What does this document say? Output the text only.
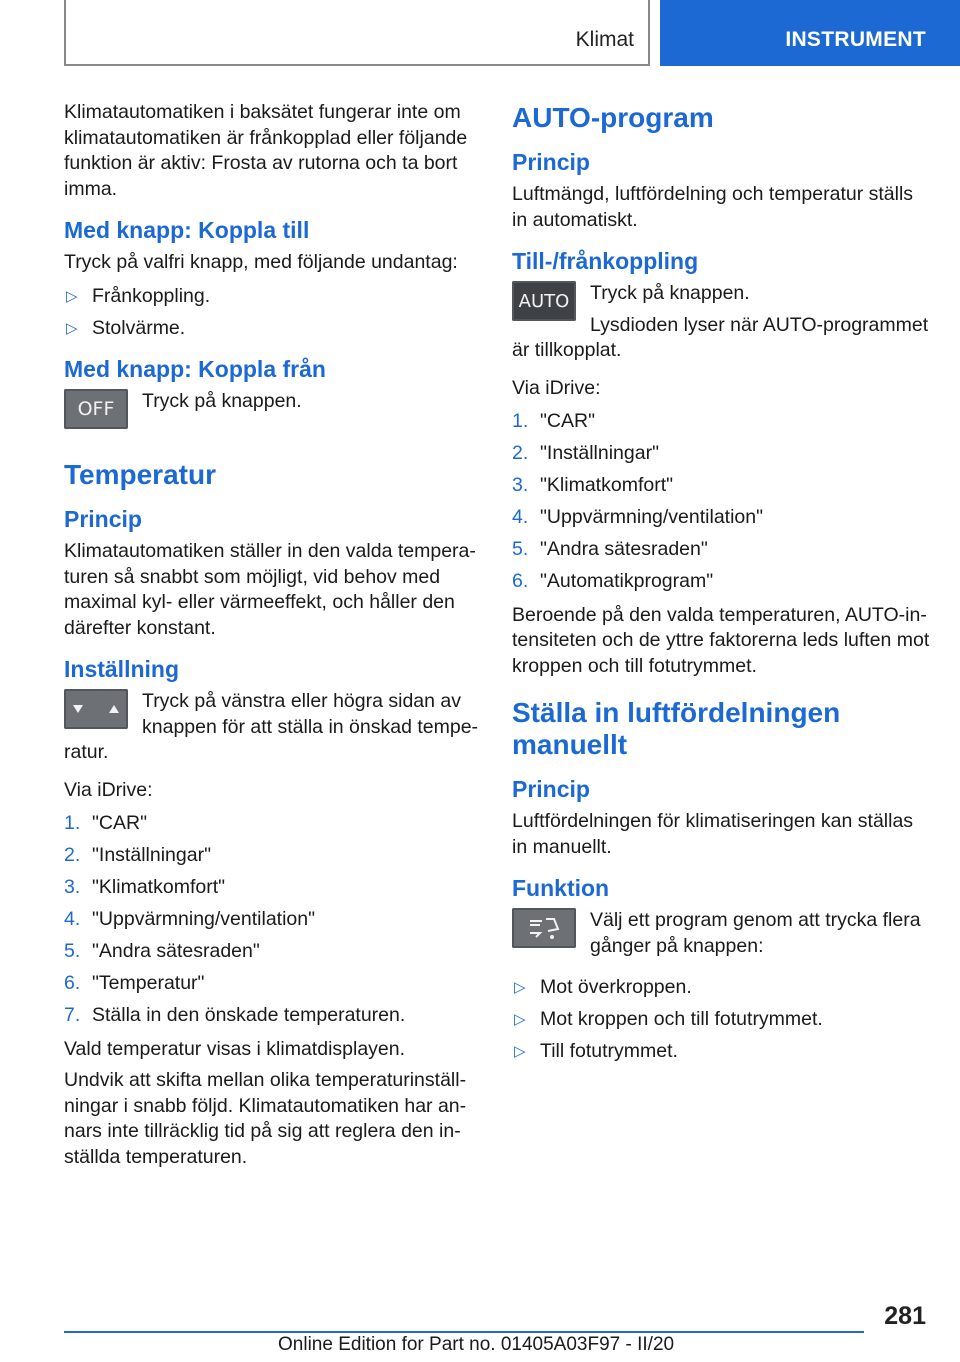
Klimat	INSTRUMENT

Klimatautomatiken i baksätet fungerar inte om klimatautomatiken är frånkopplad eller följande funktion är aktiv: Frosta av rutorna och ta bort imma.

Med knapp: Koppla till

Tryck på valfri knapp, med följande undantag:

▷ Frånkoppling.
▷ Stolvärme.
Med knapp: Koppla från
OFF	Tryck på knappen.

Temperatur
Princip

Klimatautomatiken ställer in den valda temperaturen så snabbt som möjligt, vid behov med maximal kyl- eller värmeeffekt, och håller den därefter konstant.

Inställning

Tryck på vänstra eller högra sidan av knappen för att ställa in önskad temperatur.

Via iDrive:

1. "CAR"
2. "Inställningar"
3. "Klimatkomfort"
4. "Uppvärmning/ventilation"
5. "Andra sätesraden"
6. "Temperatur"
7. Ställa in den önskade temperaturen.

Vald temperatur visas i klimatdisplayen.

Undvik att skifta mellan olika temperaturinställningar i snabb följd. Klimatautomatiken har annars inte tillräcklig tid på sig att reglera den inställda temperaturen.

AUTO-program
Princip

Luftmängd, luftfördelning och temperatur ställs in automatiskt.

Till-/frånkoppling
AUTO	Tryck på knappen.

Lysdioden lyser när AUTO-programmet är tillkopplat.

Via iDrive:

1. "CAR"
2. "Inställningar"
3. "Klimatkomfort"
4. "Uppvärmning/ventilation"
5. "Andra sätesraden"
6. "Automatikprogram"

Beroende på den valda temperaturen, AUTO-intensiteten och de yttre faktorerna leds luften mot kroppen och till fotutrymmet.

Ställa in luftfördelningen manuellt
Princip

Luftfördelningen för klimatiseringen kan ställas in manuellt.

Funktion

Välj ett program genom att trycka flera gånger på knappen:

▷ Mot överkroppen.
▷ Mot kroppen och till fotutrymmet.
▷ Till fotutrymmet.
281
Online Edition for Part no. 01405A03F97 - II/20
